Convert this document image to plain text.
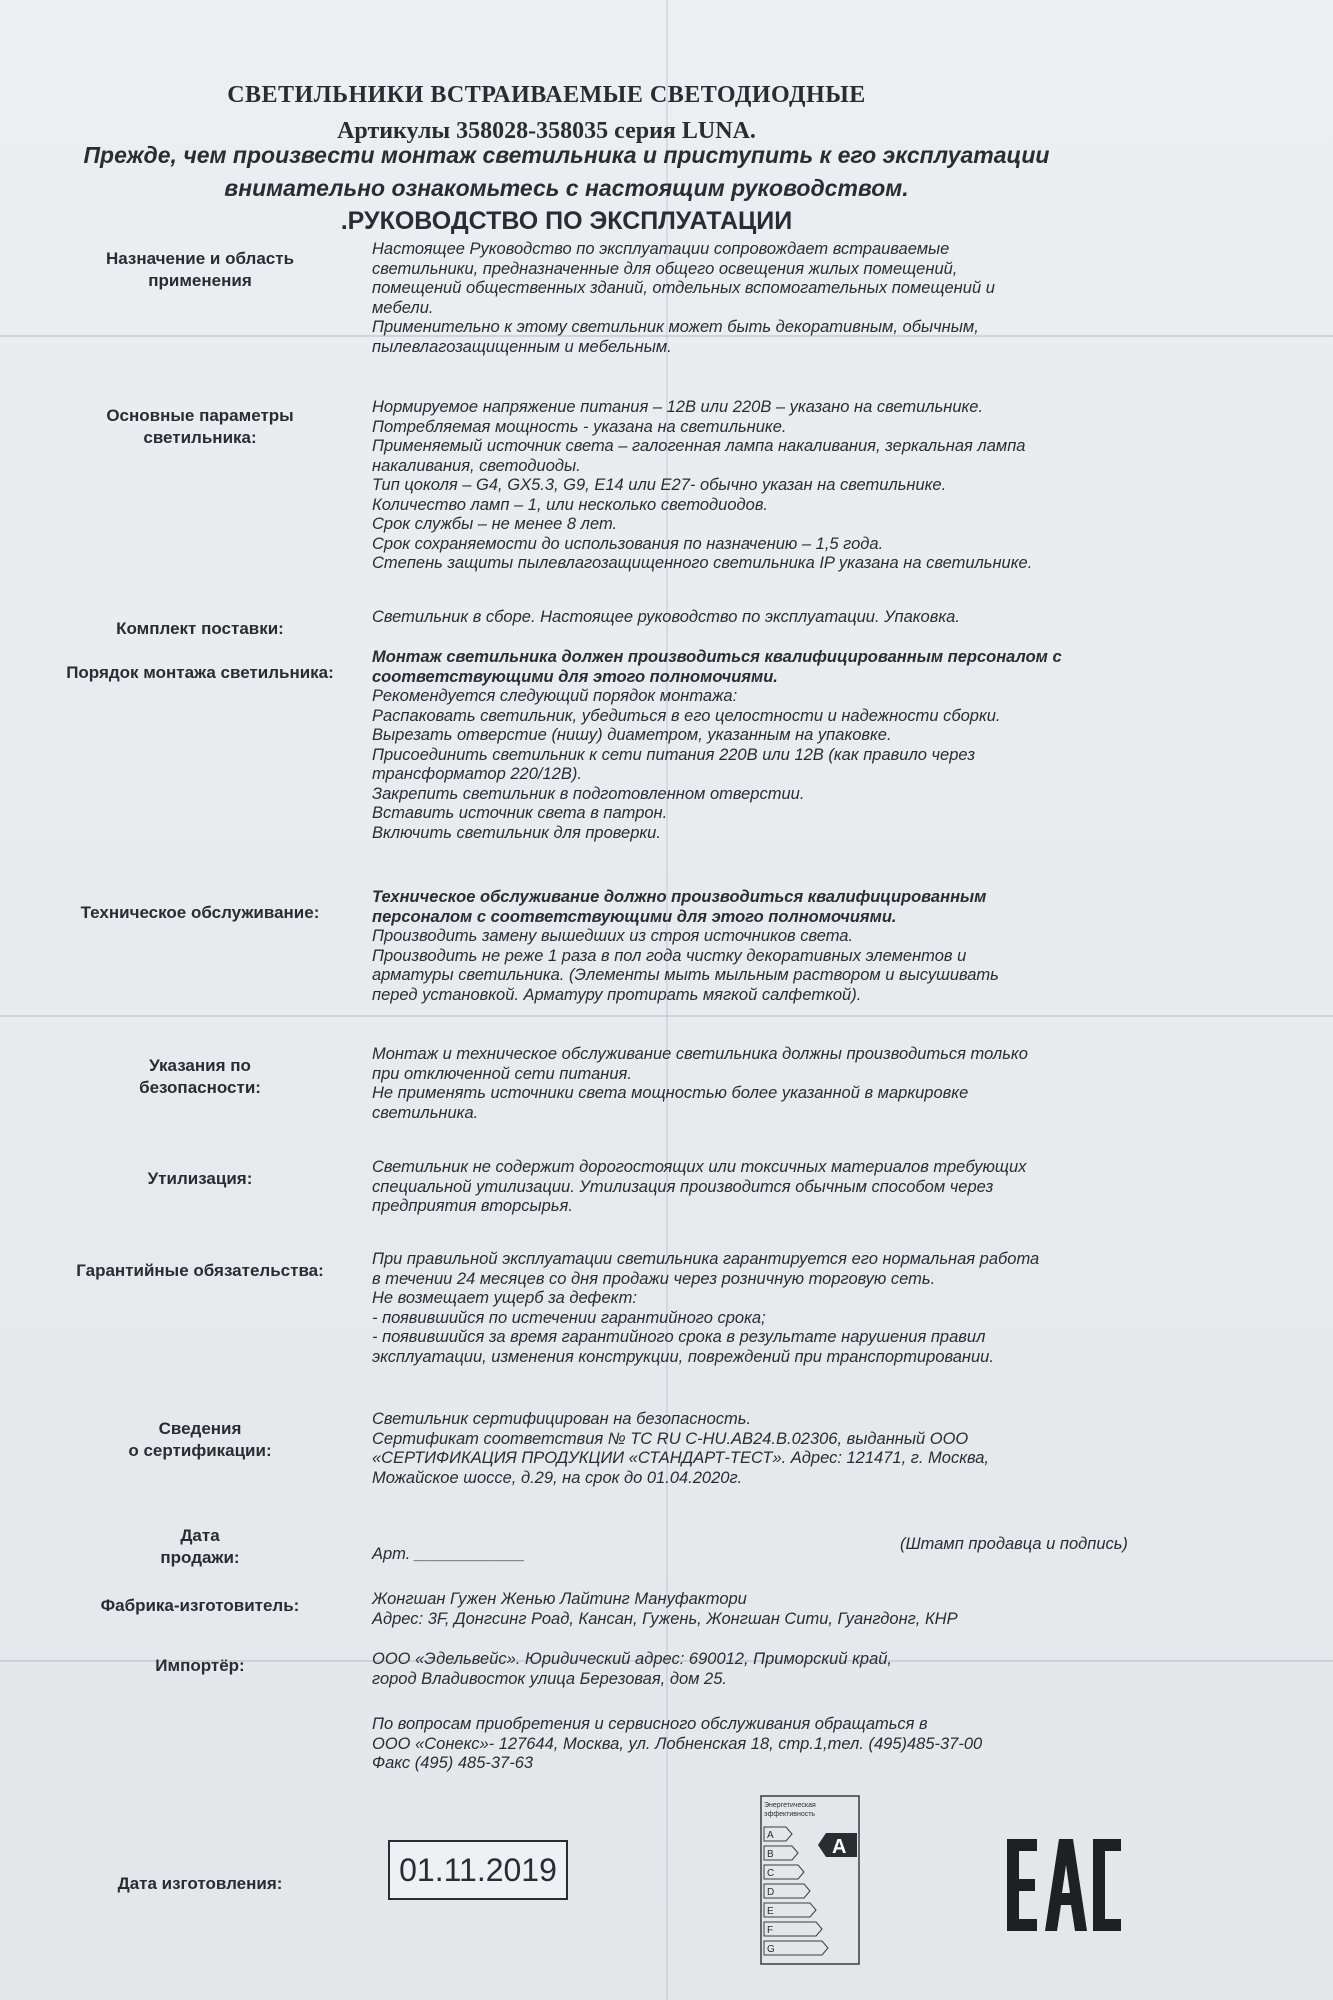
СВЕТИЛЬНИКИ ВСТРАИВАЕМЫЕ СВЕТОДИОДНЫЕ
Артикулы 358028-358035 серия LUNA.
Прежде, чем произвести монтаж светильника и приступить к его эксплуатации
внимательно ознакомьтесь с настоящим руководством.
.РУКОВОДСТВО ПО ЭКСПЛУАТАЦИИ
Назначение и область
применения
Настоящее Руководство по эксплуатации сопровождает встраиваемые
светильники, предназначенные для общего освещения жилых помещений,
помещений общественных зданий, отдельных вспомогательных помещений и
мебели.
Применительно к этому светильник может быть декоративным, обычным,
пылевлагозащищенным и мебельным.
Основные параметры
светильника:
Нормируемое напряжение питания – 12В или 220В – указано на светильнике.
Потребляемая мощность - указана на светильнике.
Применяемый источник света – галогенная лампа накаливания, зеркальная лампа
накаливания, светодиоды.
Тип цоколя – G4, GX5.3, G9, E14 или E27- обычно указан на светильнике.
Количество ламп – 1, или несколько светодиодов.
Срок службы – не менее 8 лет.
Срок сохраняемости до использования по назначению – 1,5 года.
Степень защиты пылевлагозащищенного светильника IP указана на светильнике.
Комплект поставки:
Светильник в сборе. Настоящее руководство по эксплуатации. Упаковка.
Порядок монтажа светильника:
Монтаж светильника должен производиться квалифицированным персоналом с
соответствующими для этого полномочиями.
Рекомендуется следующий порядок монтажа:
Распаковать светильник, убедиться в его целостности и надежности сборки.
Вырезать отверстие (нишу) диаметром, указанным на упаковке.
Присоединить светильник к сети питания 220В или 12В (как правило через
трансформатор 220/12В).
Закрепить светильник в подготовленном отверстии.
Вставить источник света в патрон.
Включить светильник для проверки.
Техническое обслуживание:
Техническое обслуживание должно производиться квалифицированным
персоналом с соответствующими для этого полномочиями.
Производить замену вышедших из строя источников света.
Производить не реже 1 раза в пол года чистку декоративных элементов и
арматуры светильника. (Элементы мыть мыльным раствором и высушивать
перед установкой. Арматуру протирать мягкой салфеткой).
Указания по
безопасности:
Монтаж и техническое обслуживание светильника должны производиться только
при отключенной сети питания.
Не применять источники света мощностью более указанной в маркировке
светильника.
Утилизация:
Светильник не содержит дорогостоящих или токсичных материалов требующих
специальной утилизации. Утилизация производится обычным способом через
предприятия вторсырья.
Гарантийные обязательства:
При правильной эксплуатации светильника гарантируется его нормальная работа
в течении 24 месяцев со дня продажи через розничную торговую сеть.
Не возмещает ущерб за дефект:
- появившийся по истечении гарантийного срока;
- появившийся за время гарантийного срока в результате нарушения правил
эксплуатации, изменения конструкции, повреждений при транспортировании.
Сведения
о сертификации:
Светильник сертифицирован на безопасность.
Сертификат соответствия № ТС RU C-HU.АВ24.В.02306, выданный ООО
«СЕРТИФИКАЦИЯ ПРОДУКЦИИ «СТАНДАРТ-ТЕСТ». Адрес: 121471, г. Москва,
Можайское шоссе, д.29, на срок до 01.04.2020г.
Дата
продажи:	Арт. ____________
(Штамп продавца и подпись)
Фабрика-изготовитель:	Жонгшан Гужен Женью Лайтинг Мануфактори
Адрес: 3F, Донгсинг Роад, Кансан, Гужень, Жонгшан Сити, Гуангдонг, КНР
Импортёр:	ООО «Эдельвейс». Юридический адрес: 690012, Приморский край,
город Владивосток улица Березовая, дом 25.
По вопросам приобретения и сервисного обслуживания обращаться в
ООО «Сонекс»- 127644, Москва, ул. Лобненская 18, стр.1,тел. (495)485-37-00
Факс (495) 485-37-63
Дата изготовления:	01.11.2019
Энергетическая
эффективность
A
B
C
D
E
F
G
A
